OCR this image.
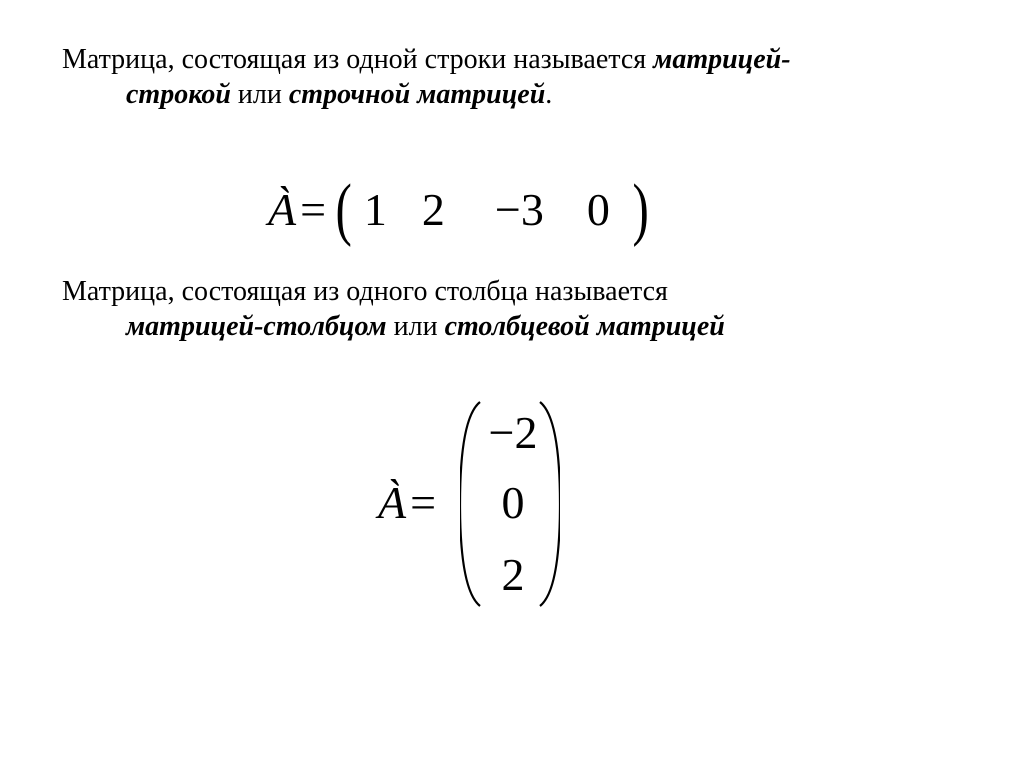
Матрица, состоящая из одной строки называется матрицей-
строкой или строчной матрицей.
À = ( 1 2	−3 0 )
Матрица, состоящая из одного столбца называется
матрицей-столбцом или столбцевой матрицей
À=
−2
0
2
